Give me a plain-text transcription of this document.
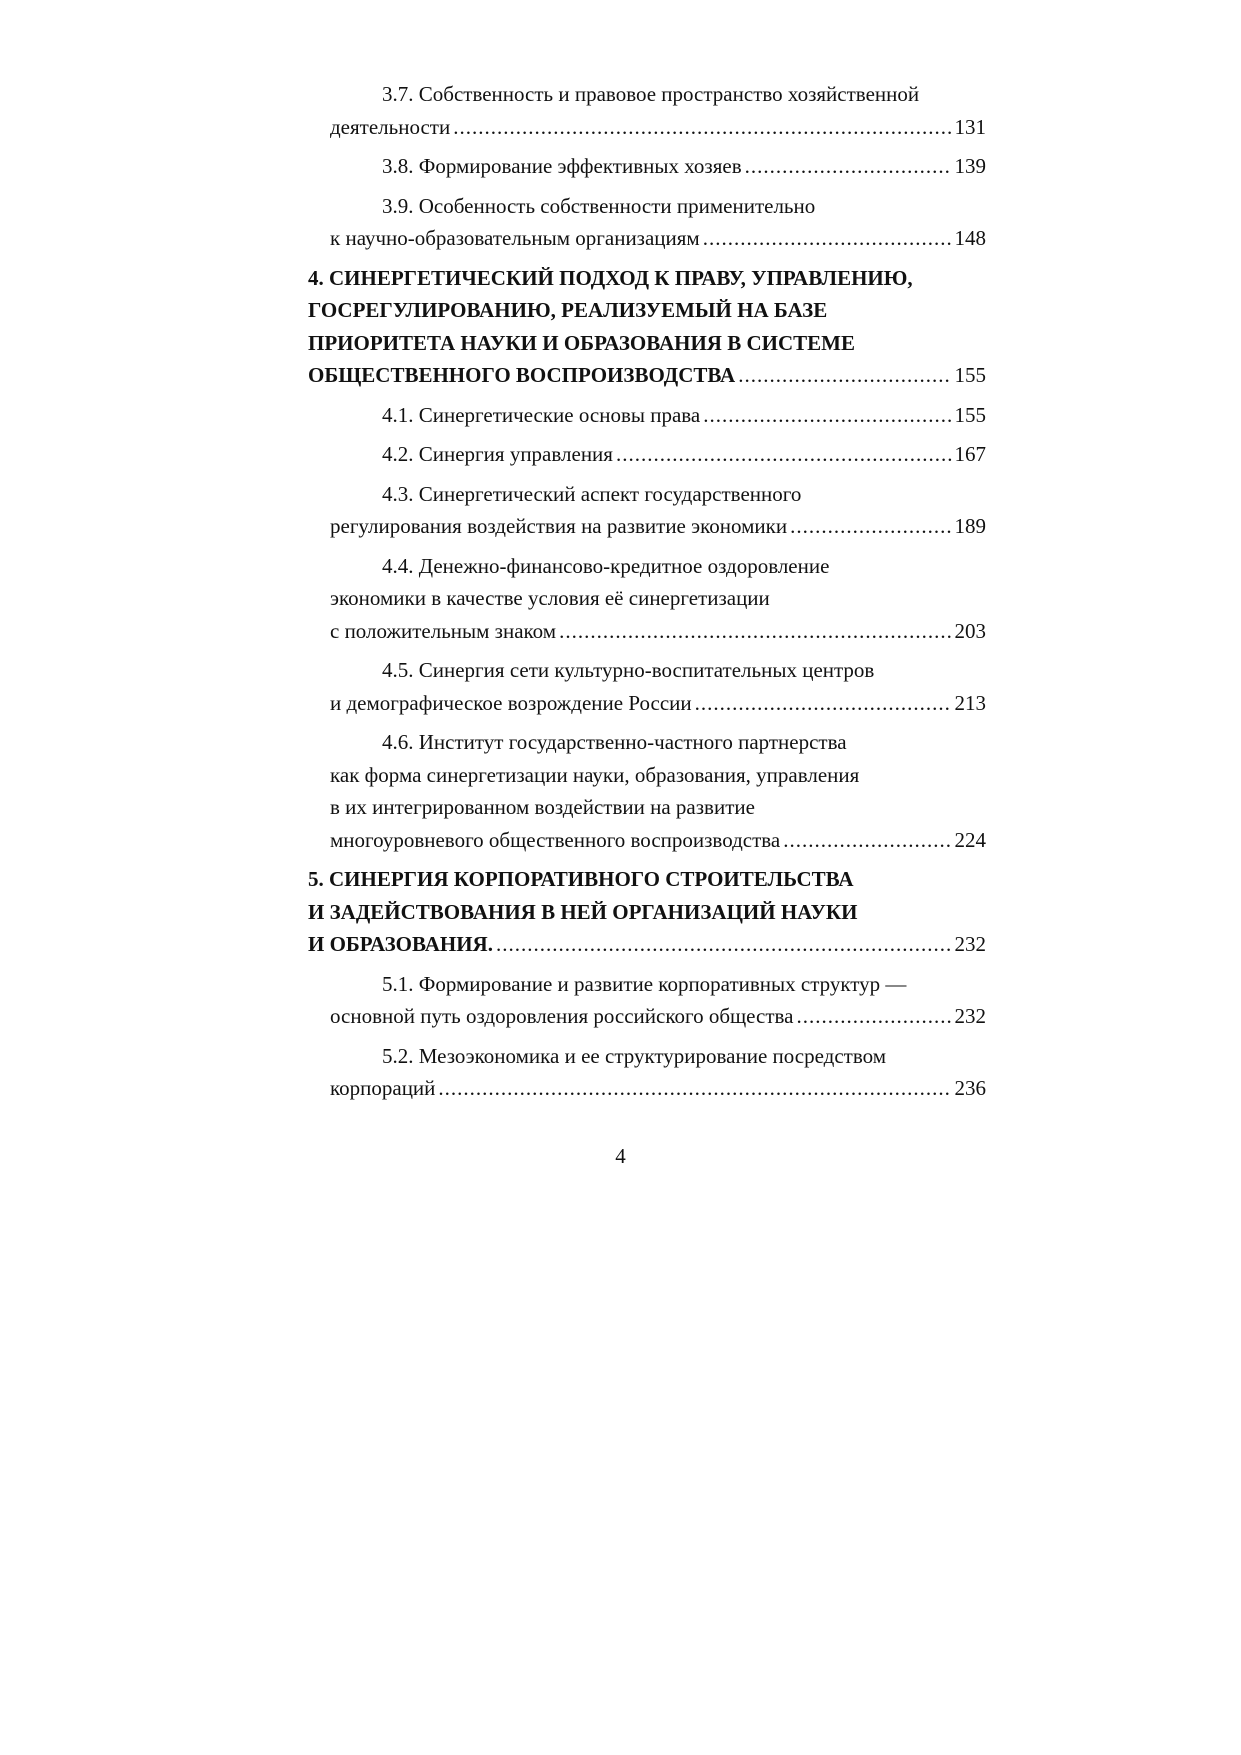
3.7. Собственность и правовое пространство хозяйственной
деятельности .....	131
3.8. Формирование эффективных хозяев .....	139
3.9. Особенность собственности применительно
к научно-образовательным организациям .....	148
4. СИНЕРГЕТИЧЕСКИЙ ПОДХОД К ПРАВУ, УПРАВЛЕНИЮ,
ГОСРЕГУЛИРОВАНИЮ, РЕАЛИЗУЕМЫЙ НА БАЗЕ
ПРИОРИТЕТА НАУКИ И ОБРАЗОВАНИЯ В СИСТЕМЕ
ОБЩЕСТВЕННОГО ВОСПРОИЗВОДСТВА .....	155
4.1. Синергетические основы права .....	155
4.2. Синергия управления .....	167
4.3. Синергетический аспект государственного
регулирования воздействия на развитие экономики .....	189
4.4. Денежно-финансово-кредитное оздоровление
экономики в качестве условия её синергетизации
с положительным знаком .....	203
4.5. Синергия сети культурно-воспитательных центров
и демографическое возрождение России .....	213
4.6. Институт государственно-частного партнерства
как форма синергетизации науки, образования, управления
в их интегрированном воздействии на развитие
многоуровневого общественного воспроизводства .....	224
5. СИНЕРГИЯ КОРПОРАТИВНОГО СТРОИТЕЛЬСТВА
И ЗАДЕЙСТВОВАНИЯ В НЕЙ ОРГАНИЗАЦИЙ НАУКИ
И ОБРАЗОВАНИЯ. .....	232
5.1. Формирование и развитие корпоративных структур —
основной путь оздоровления российского общества .....	232
5.2. Мезоэкономика и ее структурирование посредством
корпораций .....	236
4
